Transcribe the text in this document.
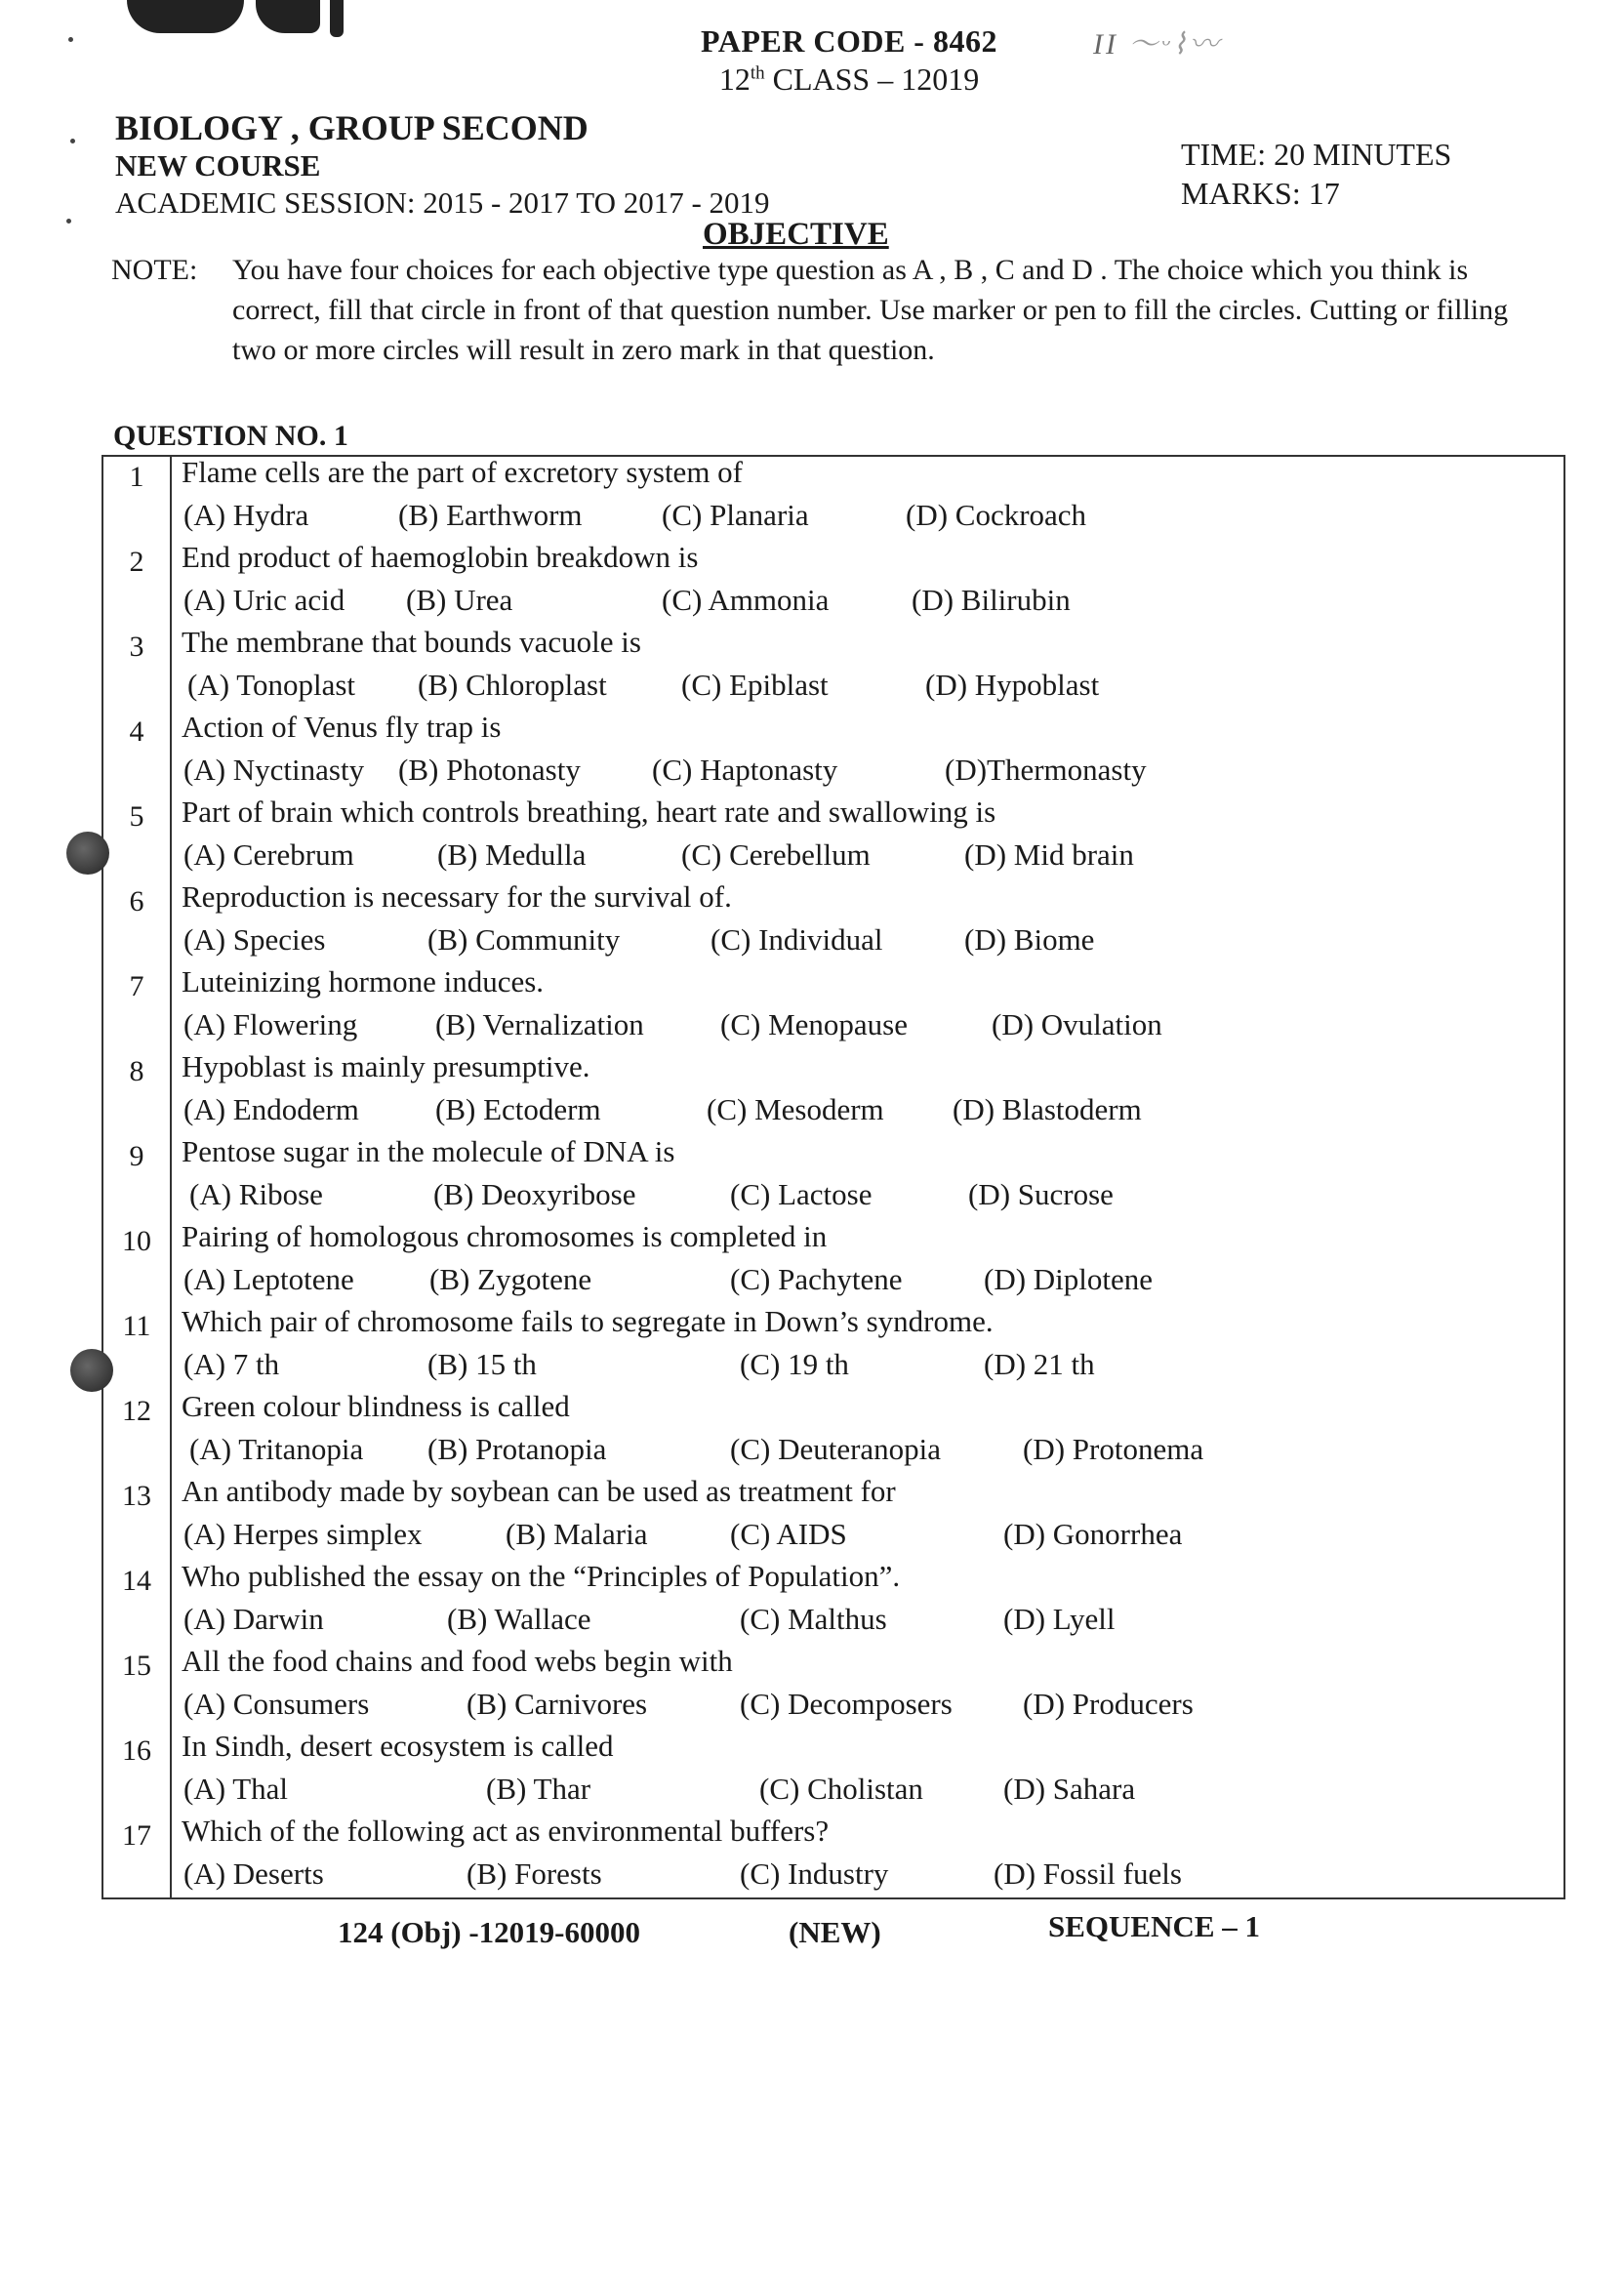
PAPER CODE - 8462
12th CLASS – 12019
II 〜ᵕ⌇〰︎
BIOLOGY , GROUP SECOND
NEW COURSE
ACADEMIC SESSION: 2015 - 2017 TO 2017 - 2019
TIME: 20 MINUTES
MARKS: 17
OBJECTIVE
NOTE: You have four choices for each objective type question as A , B , C and D . The choice which you think is correct, fill that circle in front of that question number. Use marker or pen to fill the circles. Cutting or filling two or more circles will result in zero mark in that question.
QUESTION NO. 1
1	Flame cells are the part of excretory system of
(A) Hydra	(B) Earthworm	(C) Planaria	(D) Cockroach
2	End product of haemoglobin breakdown is
(A) Uric acid (B) Urea	(C) Ammonia	(D) Bilirubin
3	The membrane that bounds vacuole is
(A) Tonoplast (B) Chloroplast (C) Epiblast	(D) Hypoblast
4	Action of Venus fly trap is
(A) Nyctinasty (B) Photonasty (C) Haptonasty	(D)Thermonasty
5	Part of brain which controls breathing, heart rate and swallowing is
(A) Cerebrum	(B) Medulla	(C) Cerebellum	(D) Mid brain
6	Reproduction is necessary for the survival of.
(A) Species	(B) Community	(C) Individual	(D) Biome
7	Luteinizing hormone induces.
(A) Flowering	(B) Vernalization	(C) Menopause	(D) Ovulation
8	Hypoblast is mainly presumptive.
(A) Endoderm	(B) Ectoderm	(C) Mesoderm (D) Blastoderm
9	Pentose sugar in the molecule of DNA is
(A) Ribose	(B) Deoxyribose	(C) Lactose	(D) Sucrose
10	Pairing of homologous chromosomes is completed in
(A) Leptotene (B) Zygotene	(C) Pachytene	(D) Diplotene
11	Which pair of chromosome fails to segregate in Down’s syndrome.
(A) 7 th	(B) 15 th	(C) 19 th	(D) 21 th
12	Green colour blindness is called
(A) Tritanopia (B) Protanopia	(C) Deuteranopia	(D) Protonema
13	An antibody made by soybean can be used as treatment for
(A) Herpes simplex	(B) Malaria	(C) AIDS	(D) Gonorrhea
14	Who published the essay on the “Principles of Population”.
(A) Darwin	(B) Wallace	(C) Malthus	(D) Lyell
15	All the food chains and food webs begin with
(A) Consumers	(B) Carnivores	(C) Decomposers (D) Producers
16	In Sindh, desert ecosystem is called
(A) Thal	(B) Thar	(C) Cholistan	(D) Sahara
17	Which of the following act as environmental buffers?
(A) Deserts	(B) Forests	(C) Industry	(D) Fossil fuels
124 (Obj) -12019-60000	(NEW)	SEQUENCE – 1
